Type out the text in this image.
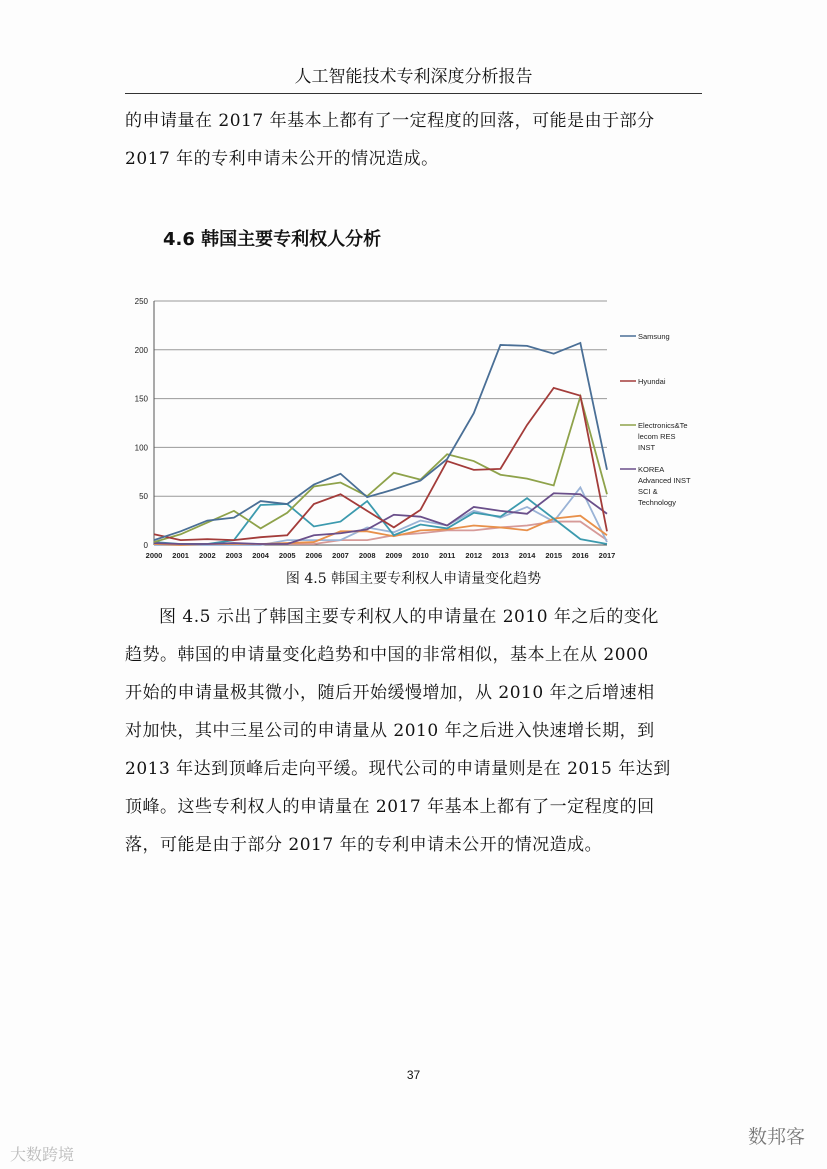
人工智能技术专利深度分析报告
的申请量在 2017 年基本上都有了一定程度的回落，可能是由于部分
2017 年的专利申请未公开的情况造成。
4.6 韩国主要专利权人分析
0
50
100
150
200
250
2000 2001 2002 2003 2004 2005 2006 2007 2008 2009 2010 2011 2012 2013 2014 2015 2016 2017
Samsung
Hyundai
Electronics&Te
lecom RES
INST
KOREA
Advanced INST
SCI &
Technology
图 4.5 韩国主要专利权人申请量变化趋势
图 4.5 示出了韩国主要专利权人的申请量在 2010 年之后的变化
趋势。韩国的申请量变化趋势和中国的非常相似，基本上在从 2000
开始的申请量极其微小，随后开始缓慢增加，从 2010 年之后增速相
对加快，其中三星公司的申请量从 2010 年之后进入快速增长期，到
2013 年达到顶峰后走向平缓。现代公司的申请量则是在 2015 年达到
顶峰。这些专利权人的申请量在 2017 年基本上都有了一定程度的回
落，可能是由于部分 2017 年的专利申请未公开的情况造成。
37
大数跨境
数邦客
